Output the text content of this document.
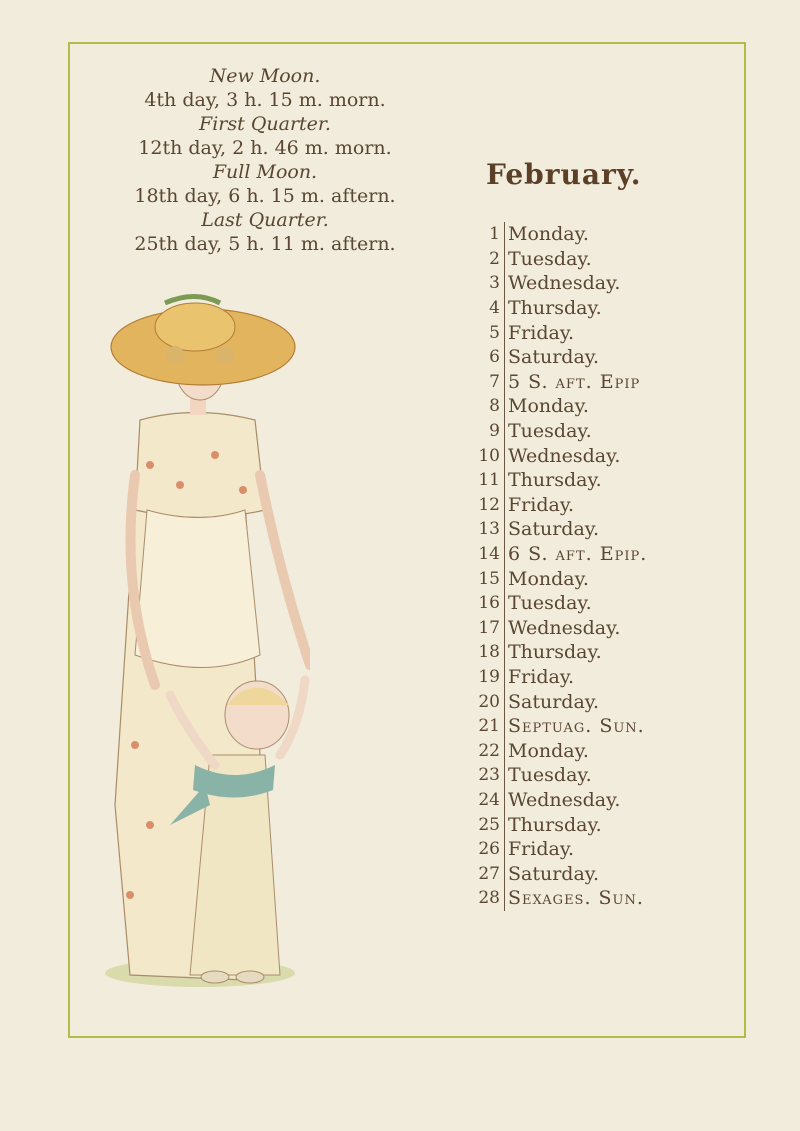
New Moon.
4th day, 3 h. 15 m. morn.
First Quarter.
12th day, 2 h. 46 m. morn.
Full Moon.
18th day, 6 h. 15 m. aftern.
Last Quarter.
25th day, 5 h. 11 m. aftern.
February.
1 Monday.
2 Tuesday.
3 Wednesday.
4 Thursday.
5 Friday.
6 Saturday.
7 5 S. aft. Epip
8 Monday.
9 Tuesday.
10 Wednesday.
11 Thursday.
12 Friday.
13 Saturday.
14 6 S. aft. Epip.
15 Monday.
16 Tuesday.
17 Wednesday.
18 Thursday.
19 Friday.
20 Saturday.
21 Septuag. Sun.
22 Monday.
23 Tuesday.
24 Wednesday.
25 Thursday.
26 Friday.
27 Saturday.
28 Sexages. Sun.
